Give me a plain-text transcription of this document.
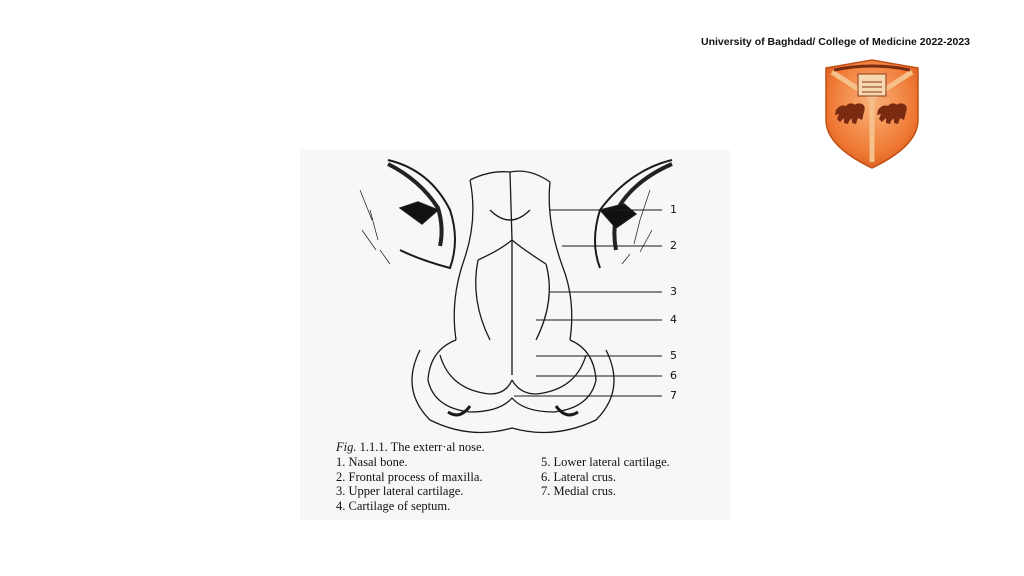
University of Baghdad/ College of Medicine 2022-2023
1
2
3
4
5
6
7
Fig. 1.1.1. The exterr·al nose.
1. Nasal bone.
2. Frontal process of maxilla.
3. Upper lateral cartilage.
4. Cartilage of septum.
5. Lower lateral cartilage.
6. Lateral crus.
7. Medial crus.
